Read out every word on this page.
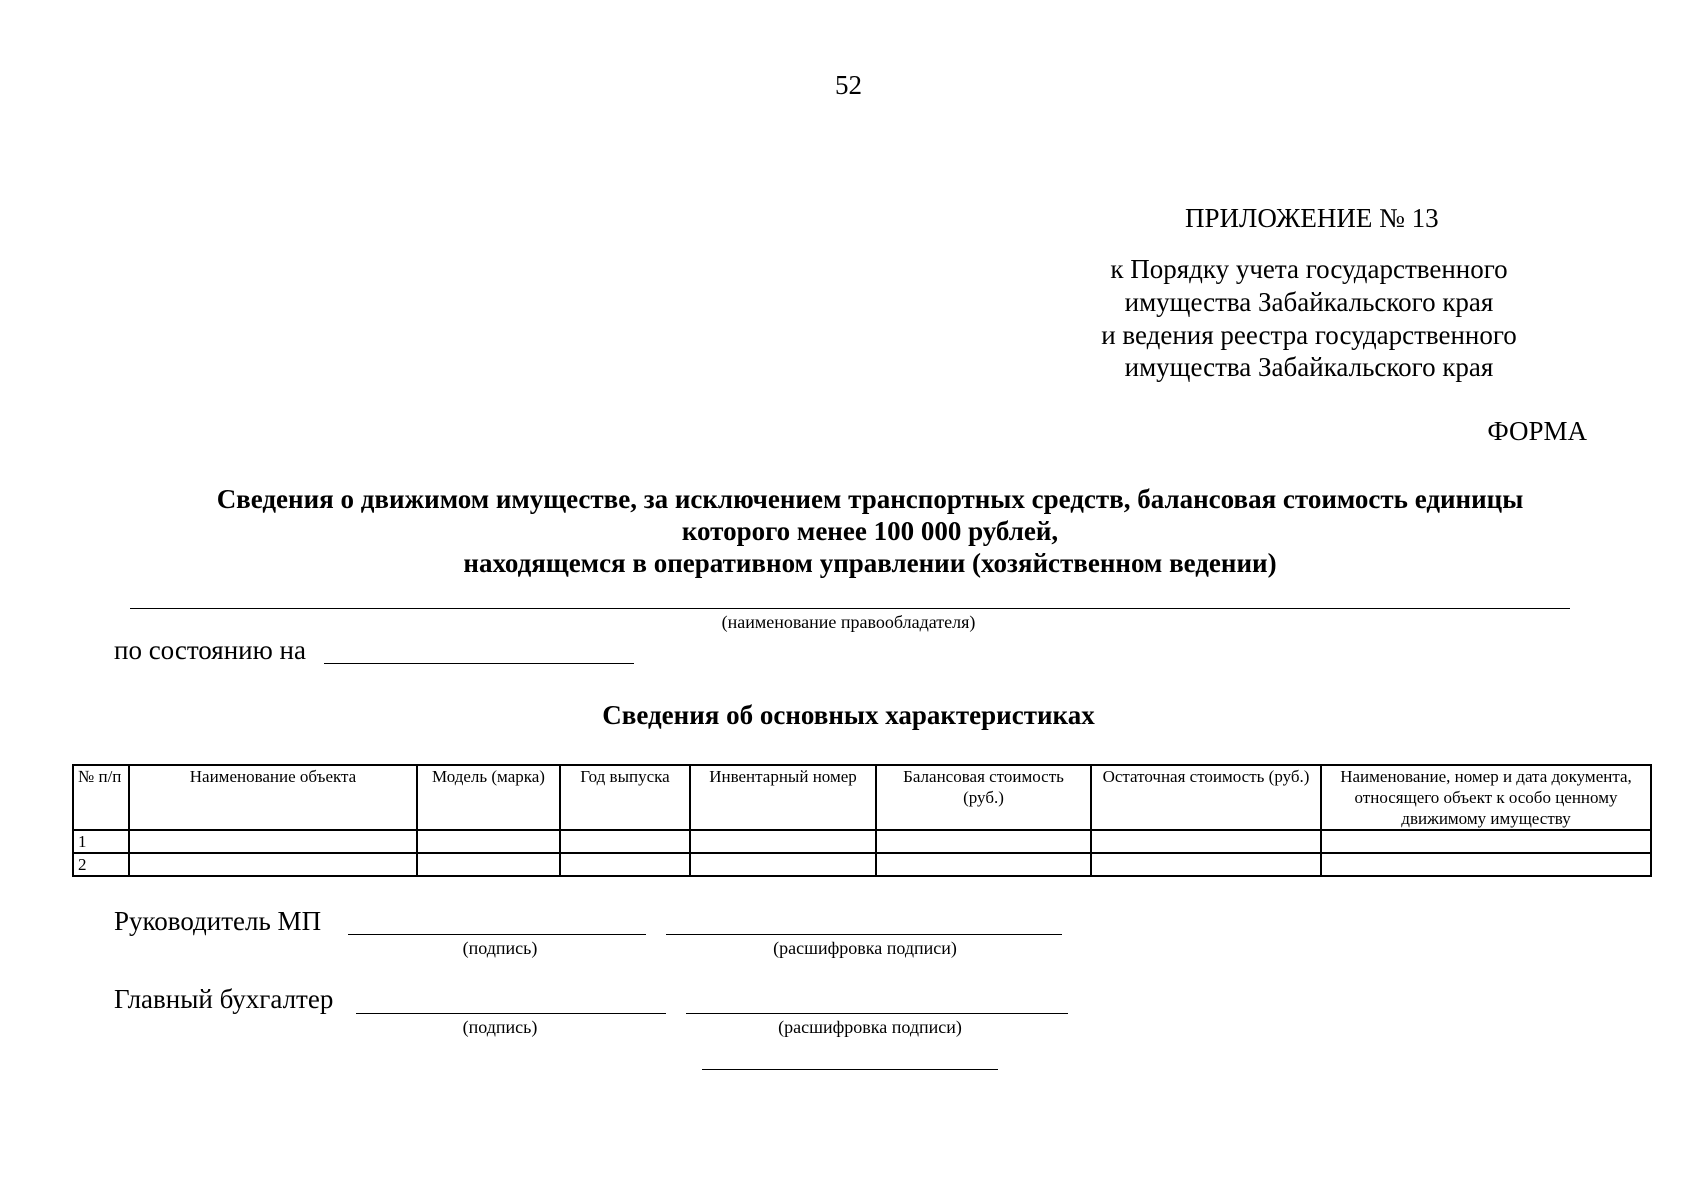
52
ПРИЛОЖЕНИЕ № 13
к Порядку учета государственного
имущества Забайкальского края
и ведения реестра государственного
имущества Забайкальского края
ФОРМА
Сведения о движимом имуществе, за исключением транспортных средств, балансовая стоимость единицы
которого менее 100 000 рублей,
находящемся в оперативном управлении (хозяйственном ведении)
(наименование правообладателя)
по состоянию на
Сведения об основных характеристиках
№ п/п	Наименование объекта	Модель (марка)	Год выпуска	Инвентарный номер	Балансовая стоимость (руб.)	Остаточная стоимость (руб.)	Наименование, номер и дата документа, относящего объект к особо ценному движимому имуществу
1							
2							
Руководитель МП
(подпись)	(расшифровка подписи)
Главный бухгалтер
(подпись)	(расшифровка подписи)
